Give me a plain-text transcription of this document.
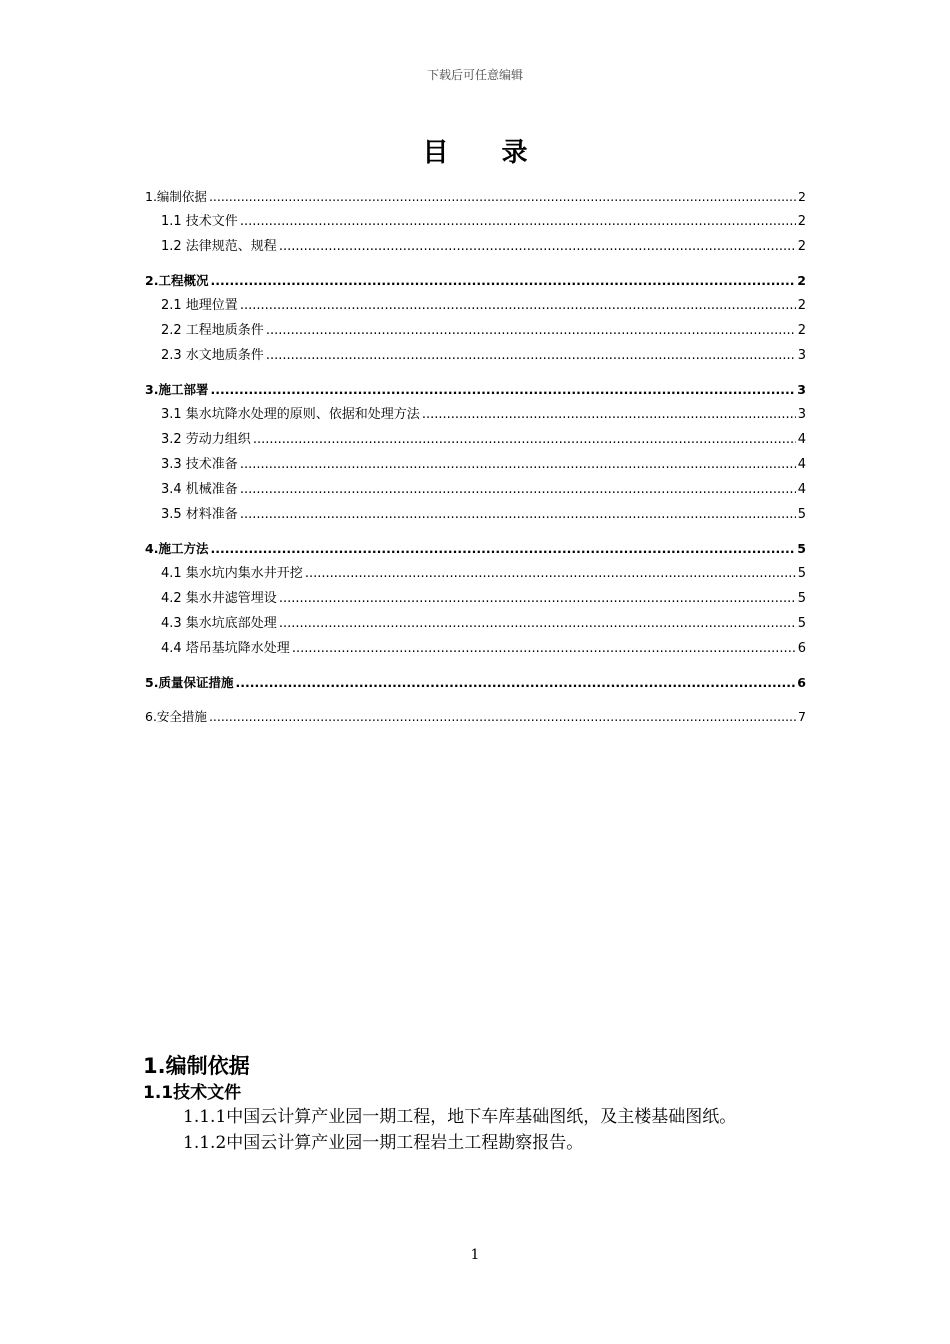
下载后可任意编辑
目 录
1.编制依据 .....	2
1.1 技术文件 .....	2
1.2 法律规范、规程 .....	2
2.工程概况 .....	2
2.1 地理位置 .....	2
2.2 工程地质条件 .....	2
2.3 水文地质条件 .....	3
3.施工部署 .....	3
3.1 集水坑降水处理的原则、依据和处理方法 .....	3
3.2 劳动力组织 .....	4
3.3 技术准备 .....	4
3.4 机械准备 .....	4
3.5 材料准备 .....	5
4.施工方法 .....	5
4.1 集水坑内集水井开挖 .....	5
4.2 集水井滤管埋设 .....	5
4.3 集水坑底部处理 .....	5
4.4 塔吊基坑降水处理 .....	6
5.质量保证措施 .....	6
6.安全措施 .....	7
1.编制依据
1.1技术文件
1.1.1中国云计算产业园一期工程，地下车库基础图纸，及主楼基础图纸。
1.1.2中国云计算产业园一期工程岩土工程勘察报告。
1
